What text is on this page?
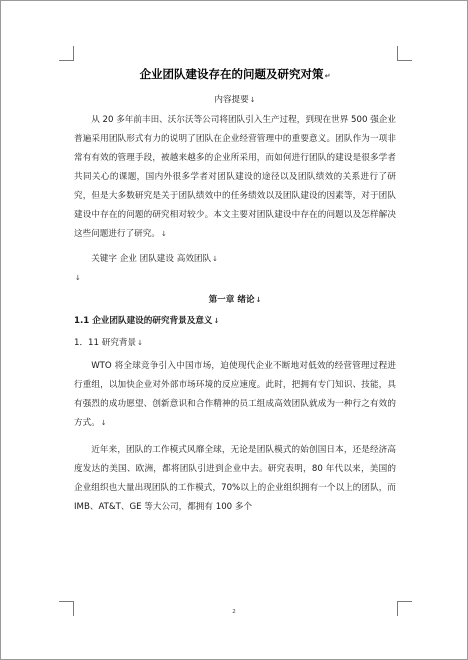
企业团队建设存在的问题及研究对策↵
内容提要↓

从 20 多年前丰田、沃尔沃等公司将团队引入生产过程，到现在世界 500 强企业普遍采用团队形式有力的说明了团队在企业经营管理中的重要意义。团队作为一项非常有有效的管理手段，被越来越多的企业所采用，而如何进行团队的建设是很多学者共同关心的课题，国内外很多学者对团队建设的途径以及团队绩效的关系进行了研究，但是大多数研究是关于团队绩效中的任务绩效以及团队建设的因素等，对于团队建设中存在的问题的研究相对较少。本文主要对团队建设中存在的问题以及怎样解决这些问题进行了研究。↓

关键字 企业 团队建设 高效团队↓
↓
第一章 绪论↓
1.1 企业团队建设的研究背景及意义↓
1．11 研究背景↓

WTO 将全球竞争引入中国市场，迫使现代企业不断地对低效的经营管理过程进行重组，以加快企业对外部市场环境的反应速度。此时，把拥有专门知识、技能，具有强烈的成功愿望、创新意识和合作精神的员工组成高效团队就成为一种行之有效的方式。↓

近年来，团队的工作模式风靡全球，无论是团队模式的始创国日本，还是经济高度发达的美国、欧洲，都将团队引进到企业中去。研究表明，80 年代以来，美国的企业组织也大量出现团队的工作模式，70%以上的企业组织拥有一个以上的团队，而 IMB、AT&T、GE 等大公司，都拥有 100 多个

2
